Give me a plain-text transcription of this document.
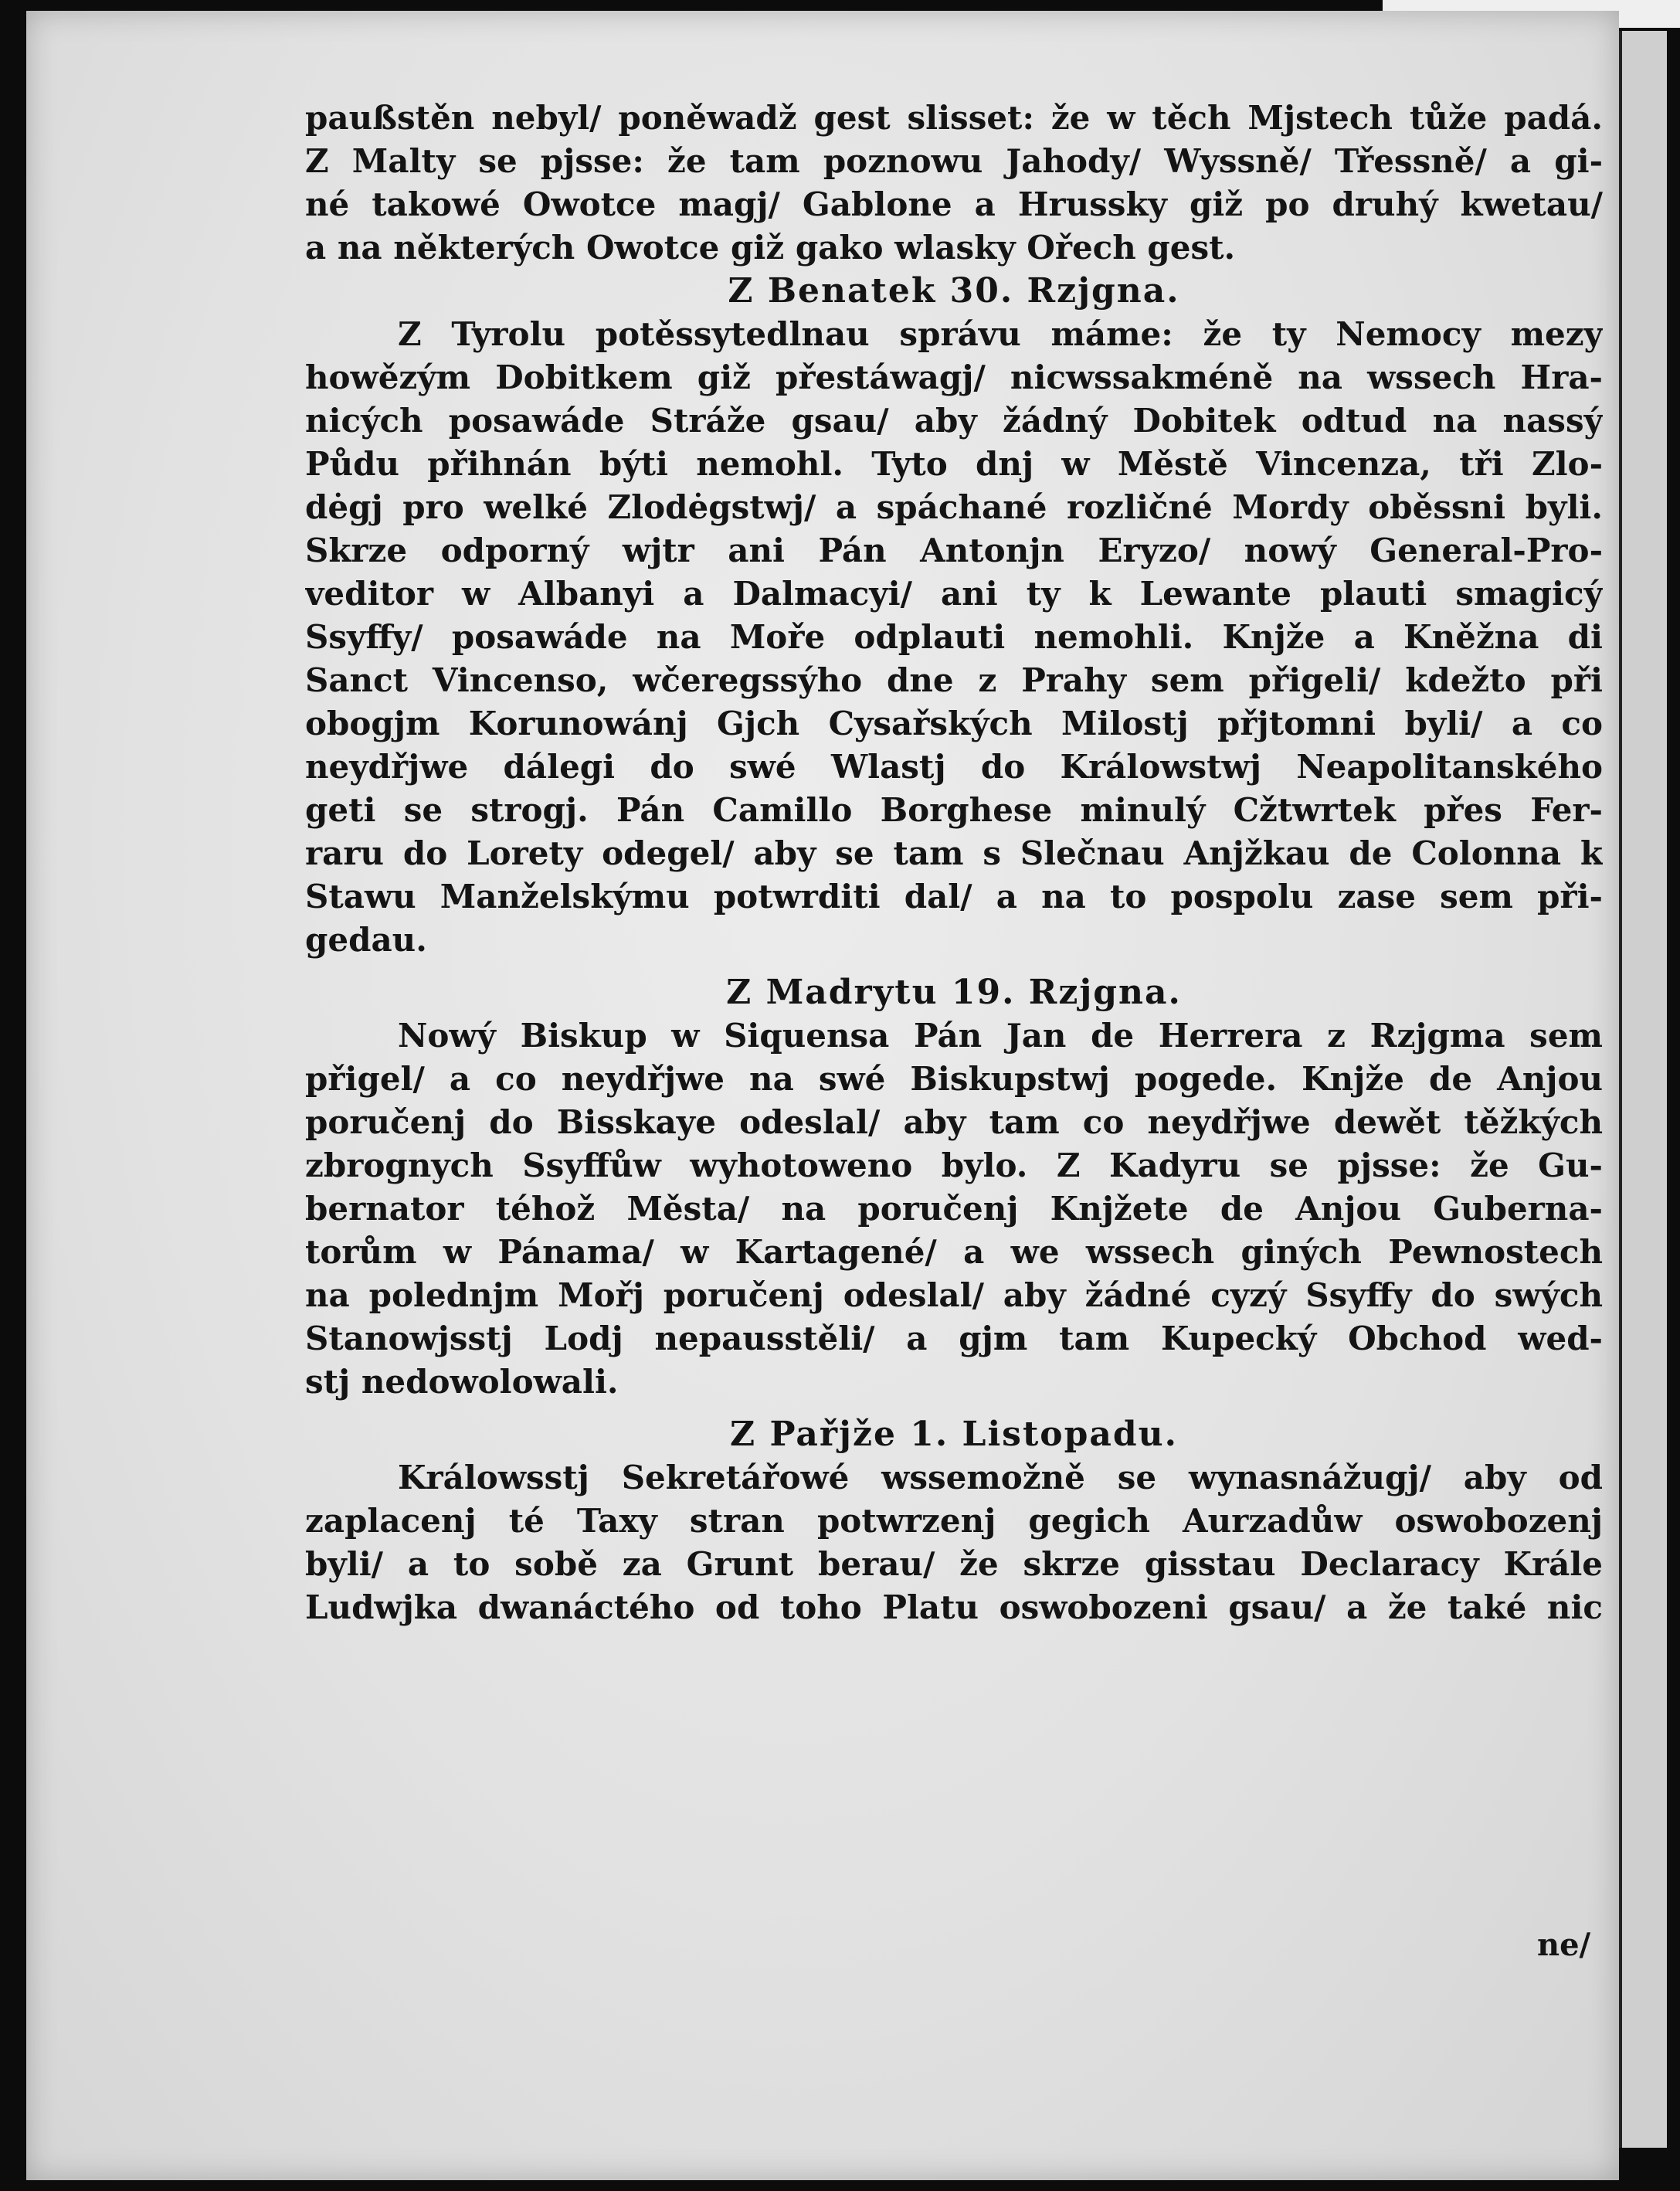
paußstěn nebyl/ poněwadž gest slisset: že w těch Mjstech tůže padá.
Z Malty se pjsse: že tam poznowu Jahody/ Wyssně/ Třessně/ a gi-
né takowé Owotce magj/ Gablone a Hrussky giž po druhý kwetau/
a na některých Owotce giž gako wlasky Ořech gest.
Z Benatek 30. Rzjgna.
Z Tyrolu potěssytedlnau správu máme: že ty Nemocy mezy
howězým Dobitkem giž přestáwagj/ nicwssakméně na wssech Hra-
nicých posawáde Stráže gsau/ aby žádný Dobitek odtud na nassý
Půdu přihnán býti nemohl. Tyto dnj w Městě Vincenza, tři Zlo-
dėgj pro welké Zlodėgstwj/ a spáchané rozličné Mordy oběssni byli.
Skrze odporný wjtr ani Pán Antonjn Eryzo/ nowý General-Pro-
veditor w Albanyi a Dalmacyi/ ani ty k Lewante plauti smagicý
Ssyffy/ posawáde na Moře odplauti nemohli. Knjže a Kněžna di
Sanct Vincenso, wčeregssýho dne z Prahy sem přigeli/ kdežto při
obogjm Korunowánj Gjch Cysařských Milostj přjtomni byli/ a co
neydřjwe dálegi do swé Wlastj do Králowstwj Neapolitanského
geti se strogj. Pán Camillo Borghese minulý Cžtwrtek přes Fer-
raru do Lorety odegel/ aby se tam s Slečnau Anjžkau de Colonna k
Stawu Manželskýmu potwrditi dal/ a na to pospolu zase sem při-
gedau.
Z Madrytu 19. Rzjgna.
Nowý Biskup w Siquensa Pán Jan de Herrera z Rzjgma sem
přigel/ a co neydřjwe na swé Biskupstwj pogede. Knjže de Anjou
poručenj do Bisskaye odeslal/ aby tam co neydřjwe dewět těžkých
zbrognych Ssyffůw wyhotoweno bylo. Z Kadyru se pjsse: že Gu-
bernator téhož Města/ na poručenj Knjžete de Anjou Guberna-
torům w Pánama/ w Kartagené/ a we wssech giných Pewnostech
na polednjm Mořj poručenj odeslal/ aby žádné cyzý Ssyffy do swých
Stanowjsstj Lodj nepausstěli/ a gjm tam Kupecký Obchod wed-
stj nedowolowali.
Z Pařjže 1. Listopadu.
Králowsstj Sekretářowé wssemožně se wynasnážugj/ aby od
zaplacenj té Taxy stran potwrzenj gegich Aurzadůw oswobozenj
byli/ a to sobě za Grunt berau/ že skrze gisstau Declaracy Krále
Ludwjka dwanáctého od toho Platu oswobozeni gsau/ a že také nic
ne/
